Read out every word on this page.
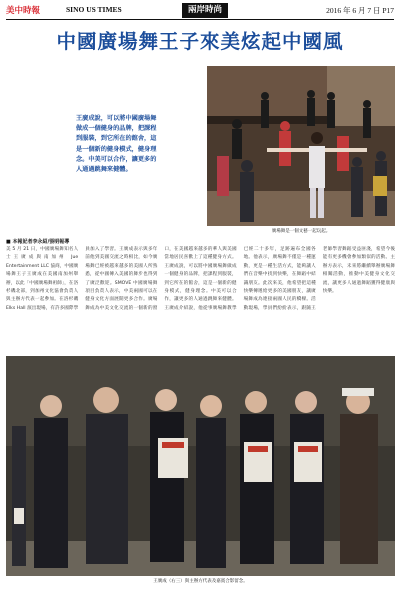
美中時報	SINO US TIMES	兩岸時尚	2016 年 6 月 7 日 P17
中國廣場舞王子來美炫起中國風
王廣成說，可以將中國廣場舞做成一個健身的品牌，把課程到服裝，到它所在的館舍，這是一個新的健身模式，健身理念。中美可以合作，讓更多的人通過跳舞來健體。
廣場舞是一個文藝一起玩起。
■ 本報記者李永紹/張明報導
美 5 月 21 日，中國廣場舞知名人士王廣成與南加州 Jue Entertainment LLC 協商，中國廣場舞王子王廣成在美國南加州舉辦，以此「中國廣場舞祖師」，在洛杉磯北部，到加州文化協會負責人與主辦方代表一起參加。在洛杉磯 Elks Hall 演出現場，有許多國際學員加入了學習。王廣成表示與多年前他到美國交流之時相比，如今廣場舞已經被越來越多的美國人所熟悉，從中國傳入美國的舞步也得到了廣泛歡迎。SMOVE 中國廣場舞項目負責人表示，中美兩國可以在健身文化方面展開更多合作。廣場舞成為中美文化交流的一個新的窗口，在美國越來越多的華人與美國當地居民喜歡上了這種健身方式。王廣成說，可以將中國廣場舞做成一個健身的品牌，把課程到服裝，到它所在的館舍，這是一個新的健身模式，健身理念。中美可以合作，讓更多的人通過跳舞來健體。王廣成介紹說，他從事廣場舞教學已經二十多年，足跡遍布全國各地。他表示，廣場舞不僅是一種運動，更是一種生活方式，能夠讓人們在音樂中找到快樂，在舞蹈中結識朋友。此次來美，他希望把這種快樂傳遞給更多的美國朋友，讓廣場舞成為連接兩國人民的橋樑。活動現場，學員們紛紛表示，跟隨王老師學習舞蹈受益匪淺，希望今後能有更多機會參加類似的活動。主辦方表示，未來將繼續舉辦廣場舞相關活動，推動中美健身文化交流，讓更多人通過舞蹈獲得健康與快樂。
王廣成（右三）與主辦方代表及嘉賓合影留念。
